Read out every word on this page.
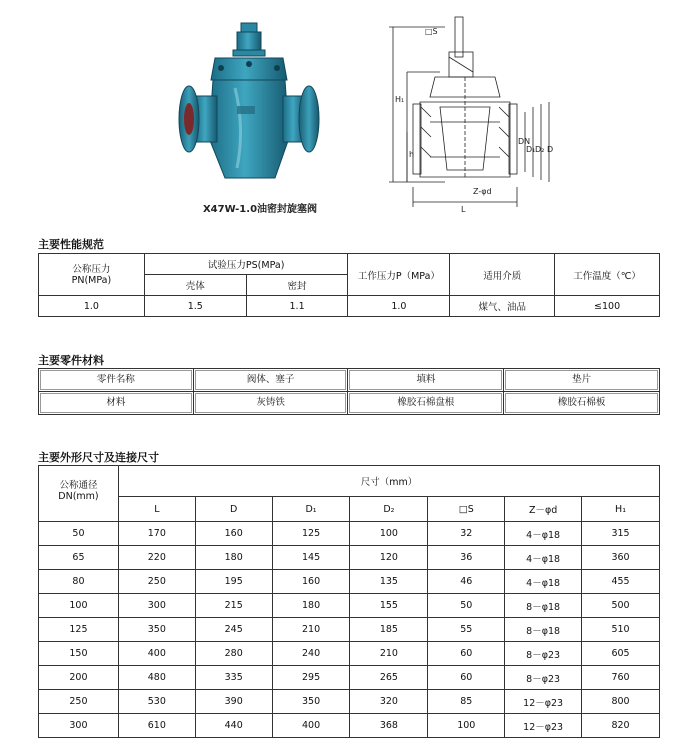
X47W-1.0油密封旋塞阀
□S
H₁
h
DN
D₁ D₂ D
Z-φd
L
主要性能规范
公称压力
PN(MPa)	试验压力PS(MPa)		工作压力P（MPa）	适用介质	工作温度（℃）
	壳体	密封			
1.0	1.5	1.1	1.0	煤气、油品	≤100
主要零件材料
零件名称	阀体、塞子	填料	垫片

材料	灰铸铁	橡胶石棉盘根	橡胶石棉板
主要外形尺寸及连接尺寸
公称通径
DN(mm)	尺寸（mm）						
	L	D	D₁	D₂	□S	Z－φd	H₁
50	170	160	125	100	32	4－φ18	315
65	220	180	145	120	36	4－φ18	360
80	250	195	160	135	46	4－φ18	455
100	300	215	180	155	50	8－φ18	500
125	350	245	210	185	55	8－φ18	510
150	400	280	240	210	60	8－φ23	605
200	480	335	295	265	60	8－φ23	760
250	530	390	350	320	85	12－φ23	800
300	610	440	400	368	100	12－φ23	820
